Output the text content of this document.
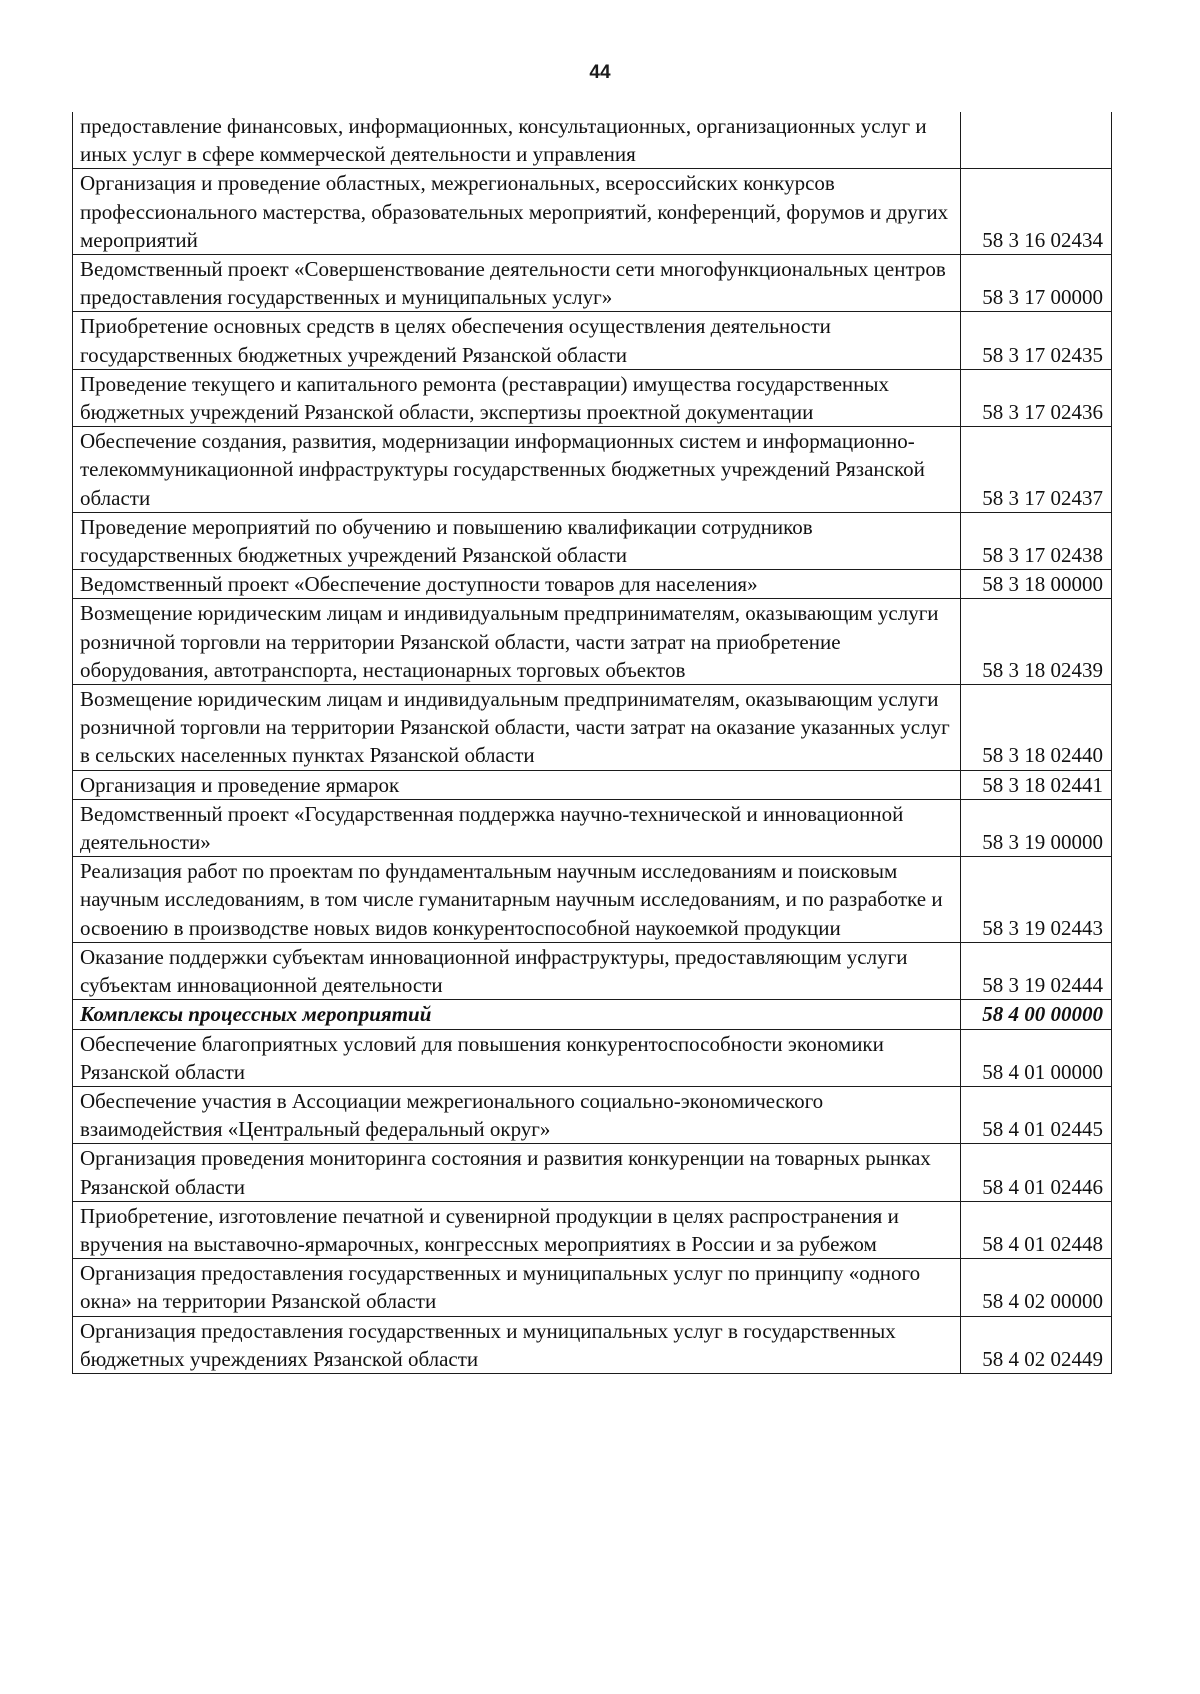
44
предоставление финансовых, информационных, консультационных, организационных услуг и иных услуг в сфере коммерческой деятельности и управления	
Организация и проведение областных, межрегиональных, всероссийских конкурсов профессионального мастерства, образовательных мероприятий, конференций, форумов и других мероприятий	58 3 16 02434
Ведомственный проект «Совершенствование деятельности сети многофункциональных центров предоставления государственных и муниципальных услуг»	58 3 17 00000
Приобретение основных средств в целях обеспечения осуществления деятельности государственных бюджетных учреждений Рязанской области	58 3 17 02435
Проведение текущего и капитального ремонта (реставрации) имущества государственных бюджетных учреждений Рязанской области, экспертизы проектной документации	58 3 17 02436
Обеспечение создания, развития, модернизации информационных систем и информационно-телекоммуникационной инфраструктуры государственных бюджетных учреждений Рязанской области	58 3 17 02437
Проведение мероприятий по обучению и повышению квалификации сотрудников государственных бюджетных учреждений Рязанской области	58 3 17 02438
Ведомственный проект «Обеспечение доступности товаров для населения»	58 3 18 00000
Возмещение юридическим лицам и индивидуальным предпринимателям, оказывающим услуги розничной торговли на территории Рязанской области, части затрат на приобретение оборудования, автотранспорта, нестационарных торговых объектов	58 3 18 02439
Возмещение юридическим лицам и индивидуальным предпринимателям, оказывающим услуги розничной торговли на территории Рязанской области, части затрат на оказание указанных услуг в сельских населенных пунктах Рязанской области	58 3 18 02440
Организация и проведение ярмарок	58 3 18 02441
Ведомственный проект «Государственная поддержка научно-технической и инновационной деятельности»	58 3 19 00000
Реализация работ по проектам по фундаментальным научным исследованиям и поисковым научным исследованиям, в том числе гуманитарным научным исследованиям, и по разработке и освоению в производстве новых видов конкурентоспособной наукоемкой продукции	58 3 19 02443
Оказание поддержки субъектам инновационной инфраструктуры, предоставляющим услуги субъектам инновационной деятельности	58 3 19 02444
Комплексы процессных мероприятий	58 4 00 00000
Обеспечение благоприятных условий для повышения конкурентоспособности экономики Рязанской области	58 4 01 00000
Обеспечение участия в Ассоциации межрегионального социально-экономического взаимодействия «Центральный федеральный округ»	58 4 01 02445
Организация проведения мониторинга состояния и развития конкуренции на товарных рынках Рязанской области	58 4 01 02446
Приобретение, изготовление печатной и сувенирной продукции в целях распространения и вручения на выставочно-ярмарочных, конгрессных мероприятиях в России и за рубежом	58 4 01 02448
Организация предоставления государственных и муниципальных услуг по принципу «одного окна» на территории Рязанской области	58 4 02 00000
Организация предоставления государственных и муниципальных услуг в государственных бюджетных учреждениях Рязанской области	58 4 02 02449
